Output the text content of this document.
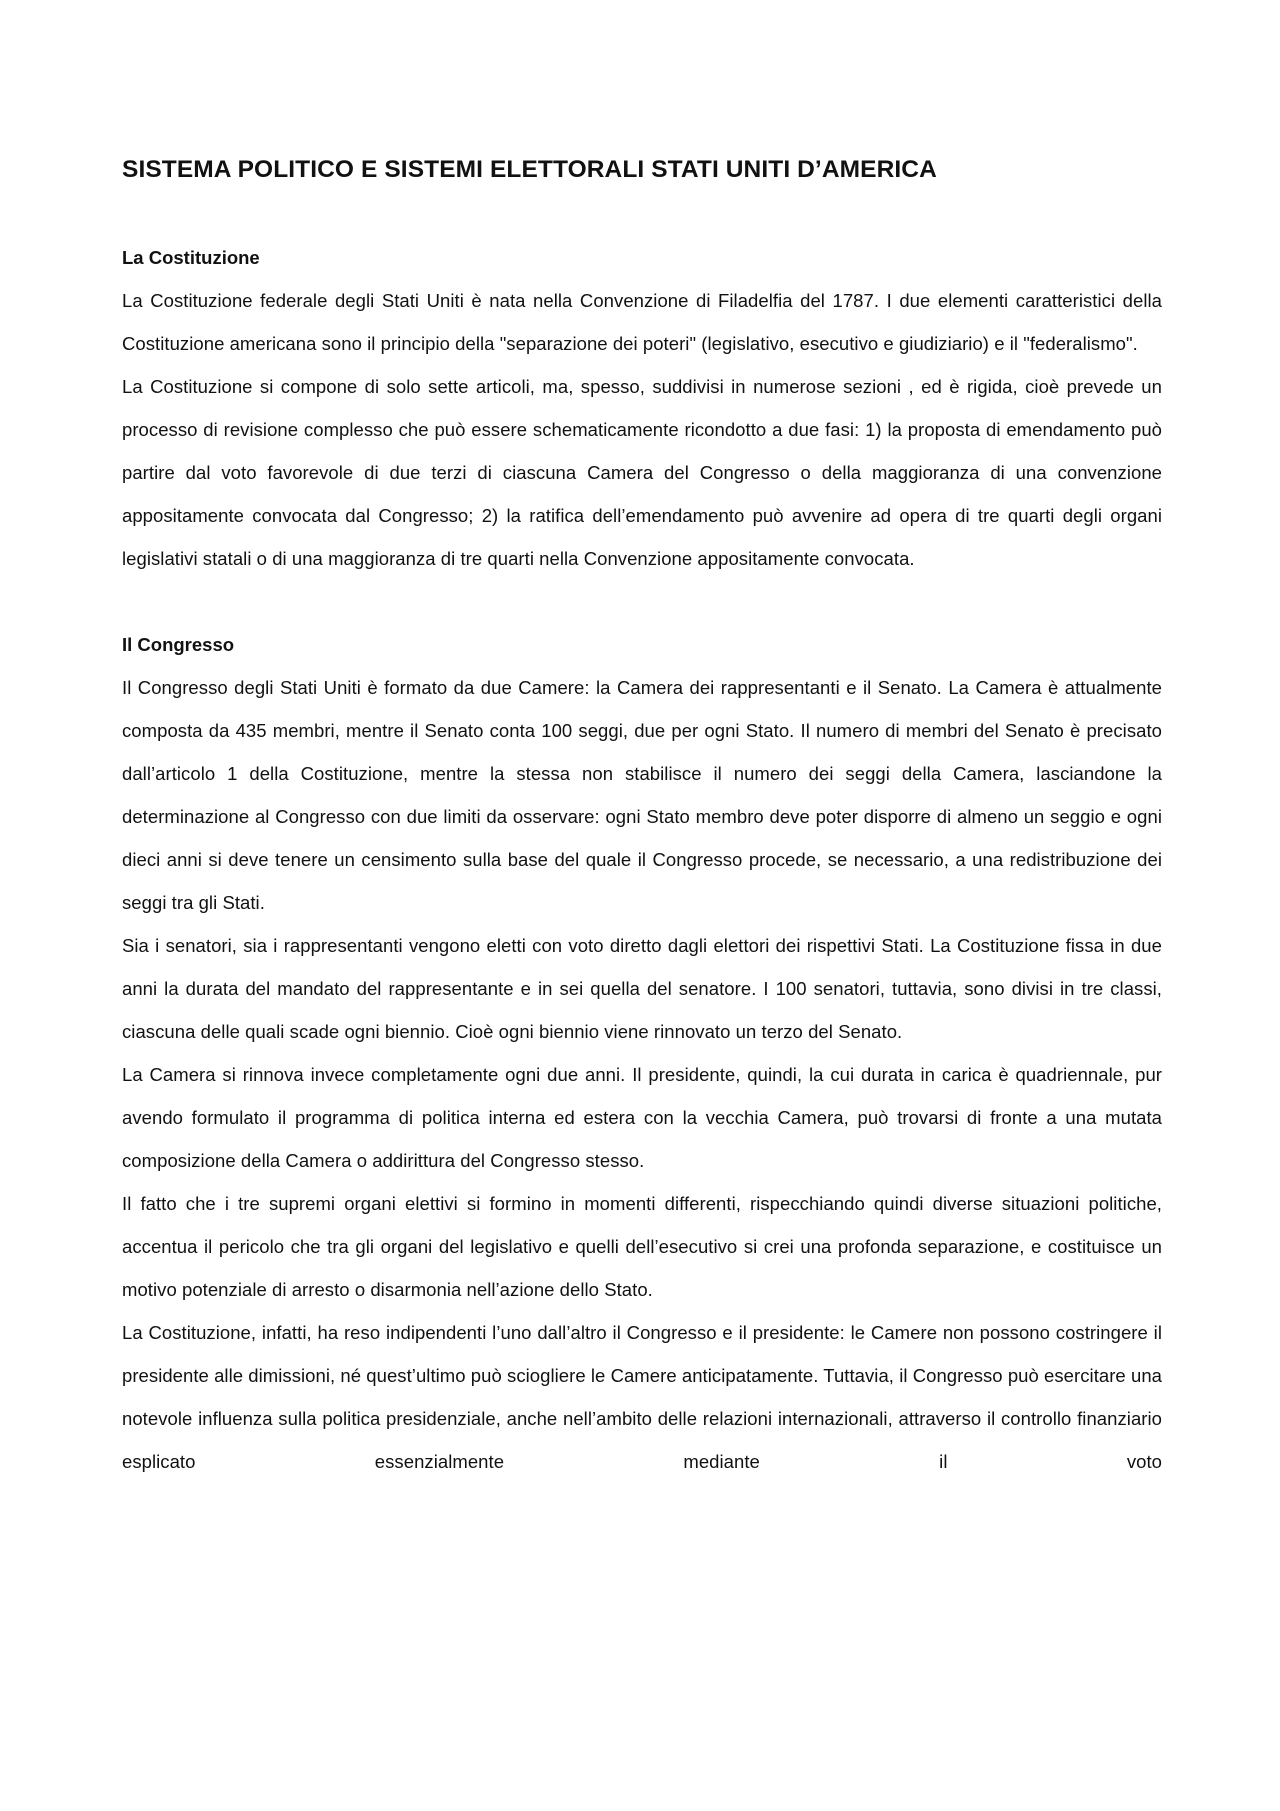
SISTEMA POLITICO E SISTEMI ELETTORALI STATI UNITI D’AMERICA
La Costituzione

La Costituzione federale degli Stati Uniti è nata nella Convenzione di Filadelfia del 1787. I due elementi caratteristici della Costituzione americana sono il principio della "separazione dei poteri" (legislativo, esecutivo e giudiziario) e il "federalismo".

La Costituzione si compone di solo sette articoli, ma, spesso, suddivisi in numerose sezioni , ed è rigida, cioè prevede un processo di revisione complesso che può essere schematicamente ricondotto a due fasi: 1) la proposta di emendamento può partire dal voto favorevole di due terzi di ciascuna Camera del Congresso o della maggioranza di una convenzione appositamente convocata dal Congresso; 2) la ratifica dell’emendamento può avvenire ad opera di tre quarti degli organi legislativi statali o di una maggioranza di tre quarti nella Convenzione appositamente convocata.

Il Congresso

Il Congresso degli Stati Uniti è formato da due Camere: la Camera dei rappresentanti e il Senato. La Camera è attualmente composta da 435 membri, mentre il Senato conta 100 seggi, due per ogni Stato. Il numero di membri del Senato è precisato dall’articolo 1 della Costituzione, mentre la stessa non stabilisce il numero dei seggi della Camera, lasciandone la determinazione al Congresso con due limiti da osservare: ogni Stato membro deve poter disporre di almeno un seggio e ogni dieci anni si deve tenere un censimento sulla base del quale il Congresso procede, se necessario, a una redistribuzione dei seggi tra gli Stati.

Sia i senatori, sia i rappresentanti vengono eletti con voto diretto dagli elettori dei rispettivi Stati. La Costituzione fissa in due anni la durata del mandato del rappresentante e in sei quella del senatore. I 100 senatori, tuttavia, sono divisi in tre classi, ciascuna delle quali scade ogni biennio. Cioè ogni biennio viene rinnovato un terzo del Senato.

La Camera si rinnova invece completamente ogni due anni. Il presidente, quindi, la cui durata in carica è quadriennale, pur avendo formulato il programma di politica interna ed estera con la vecchia Camera, può trovarsi di fronte a una mutata composizione della Camera o addirittura del Congresso stesso.

Il fatto che i tre supremi organi elettivi si formino in momenti differenti, rispecchiando quindi diverse situazioni politiche, accentua il pericolo che tra gli organi del legislativo e quelli dell’esecutivo si crei una profonda separazione, e costituisce un motivo potenziale di arresto o disarmonia nell’azione dello Stato.

La Costituzione, infatti, ha reso indipendenti l’uno dall’altro il Congresso e il presidente: le Camere non possono costringere il presidente alle dimissioni, né quest’ultimo può sciogliere le Camere anticipatamente. Tuttavia, il Congresso può esercitare una notevole influenza sulla politica presidenziale, anche nell’ambito delle relazioni internazionali, attraverso il controllo finanziario esplicato essenzialmente mediante il voto
